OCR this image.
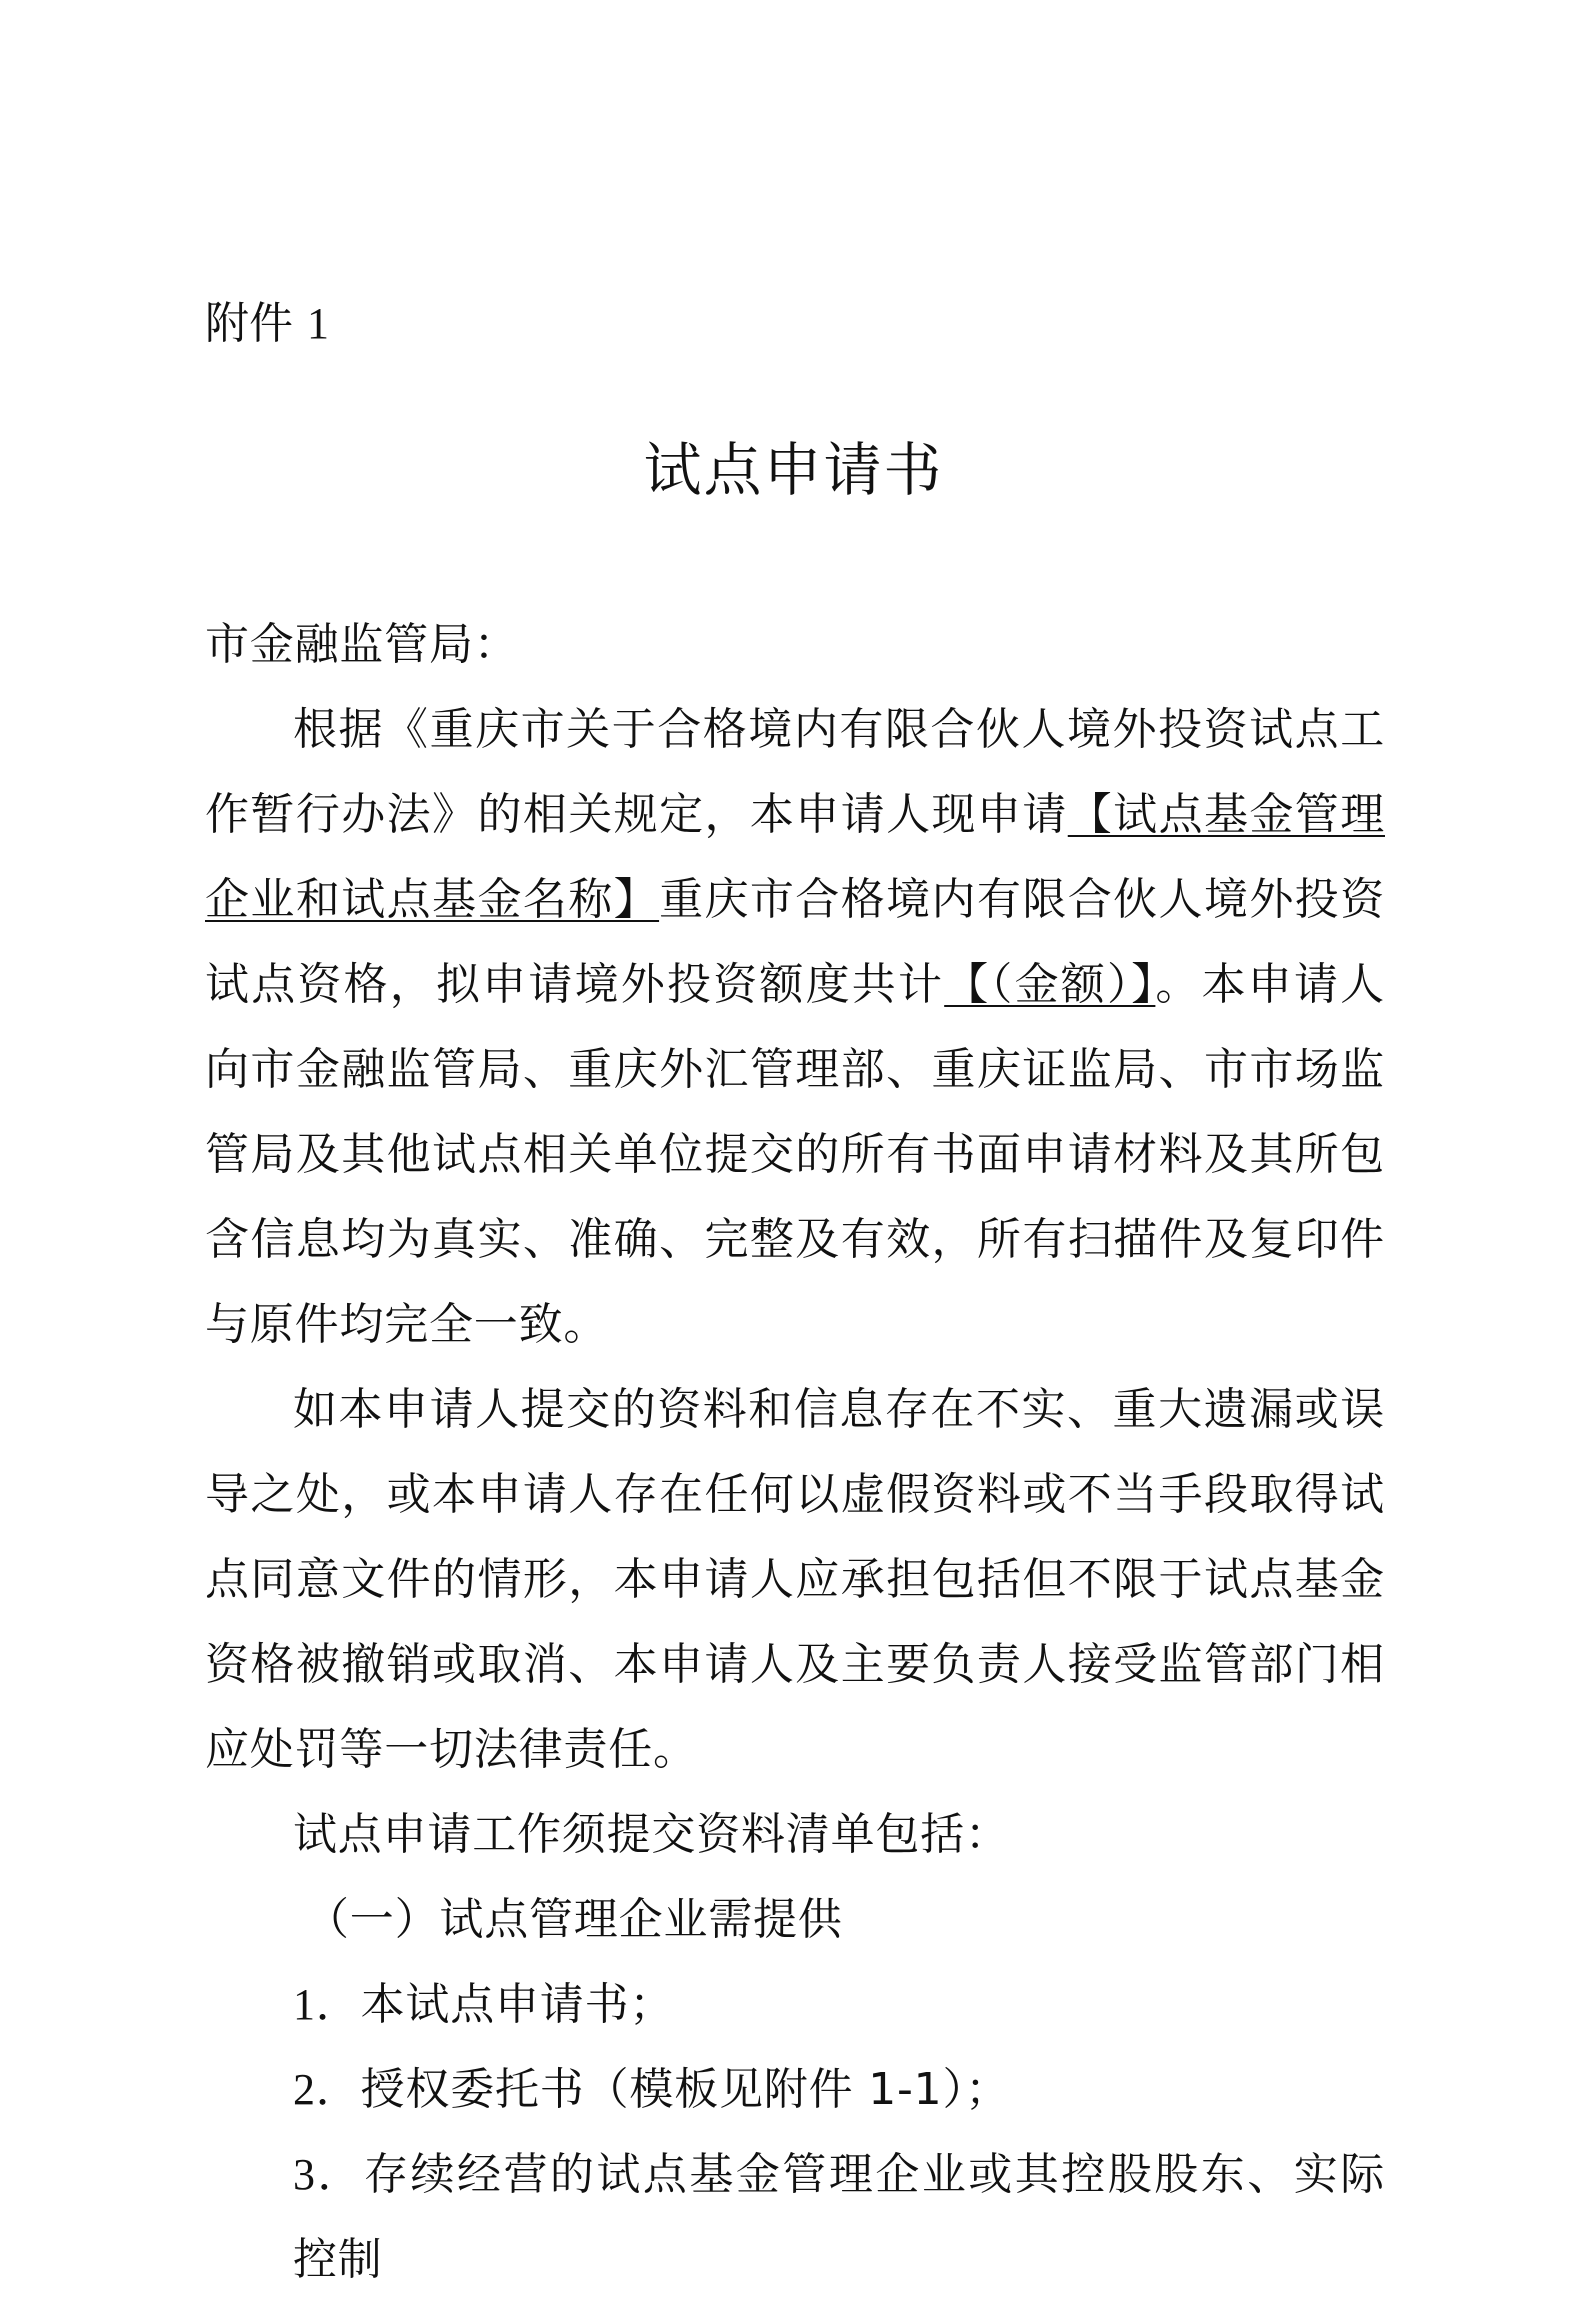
附件 1
试点申请书

市金融监管局：

根据《重庆市关于合格境内有限合伙人境外投资试点工作暂行办法》的相关规定，本申请人现申请【试点基金管理企业和试点基金名称】重庆市合格境内有限合伙人境外投资试点资格，拟申请境外投资额度共计【（金额）】。本申请人向市金融监管局、重庆外汇管理部、重庆证监局、市市场监管局及其他试点相关单位提交的所有书面申请材料及其所包含信息均为真实、准确、完整及有效，所有扫描件及复印件与原件均完全一致。

如本申请人提交的资料和信息存在不实、重大遗漏或误导之处，或本申请人存在任何以虚假资料或不当手段取得试点同意文件的情形，本申请人应承担包括但不限于试点基金资格被撤销或取消、本申请人及主要负责人接受监管部门相应处罚等一切法律责任。

试点申请工作须提交资料清单包括：

（一）试点管理企业需提供

1．本试点申请书；

2．授权委托书（模板见附件 1-1）；

3．存续经营的试点基金管理企业或其控股股东、实际控制
